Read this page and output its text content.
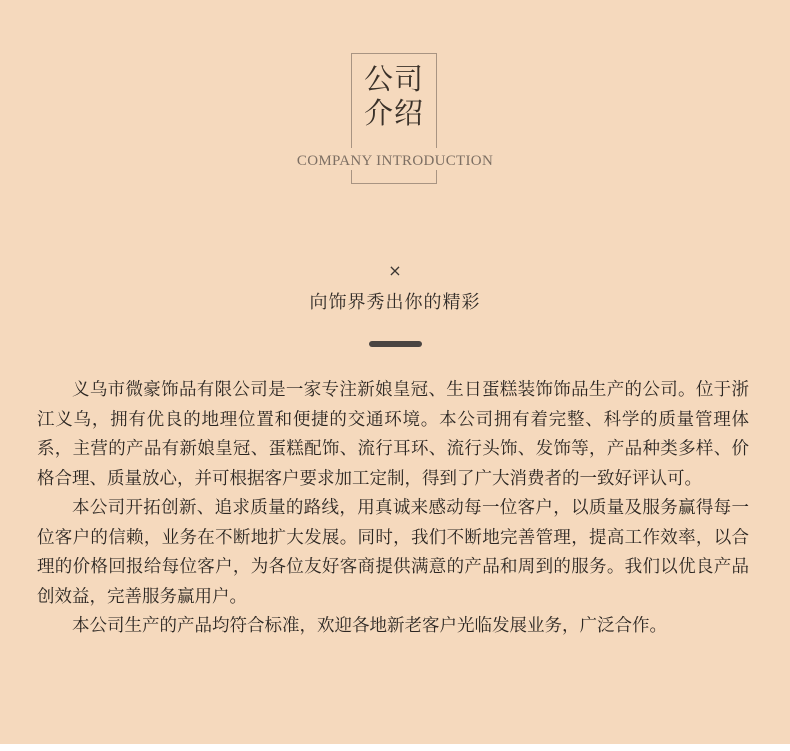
公司
介绍
COMPANY INTRODUCTION
×
向饰界秀出你的精彩

义乌市微豪饰品有限公司是一家专注新娘皇冠、生日蛋糕装饰饰品生产的公司。位于浙江义乌，拥有优良的地理位置和便捷的交通环境。本公司拥有着完整、科学的质量管理体系，主营的产品有新娘皇冠、蛋糕配饰、流行耳环、流行头饰、发饰等，产品种类多样、价格合理、质量放心，并可根据客户要求加工定制，得到了广大消费者的一致好评认可。

本公司开拓创新、追求质量的路线，用真诚来感动每一位客户，以质量及服务赢得每一位客户的信赖，业务在不断地扩大发展。同时，我们不断地完善管理，提高工作效率，以合理的价格回报给每位客户，为各位友好客商提供满意的产品和周到的服务。我们以优良产品创效益，完善服务赢用户。

本公司生产的产品均符合标准，欢迎各地新老客户光临发展业务，广泛合作。
